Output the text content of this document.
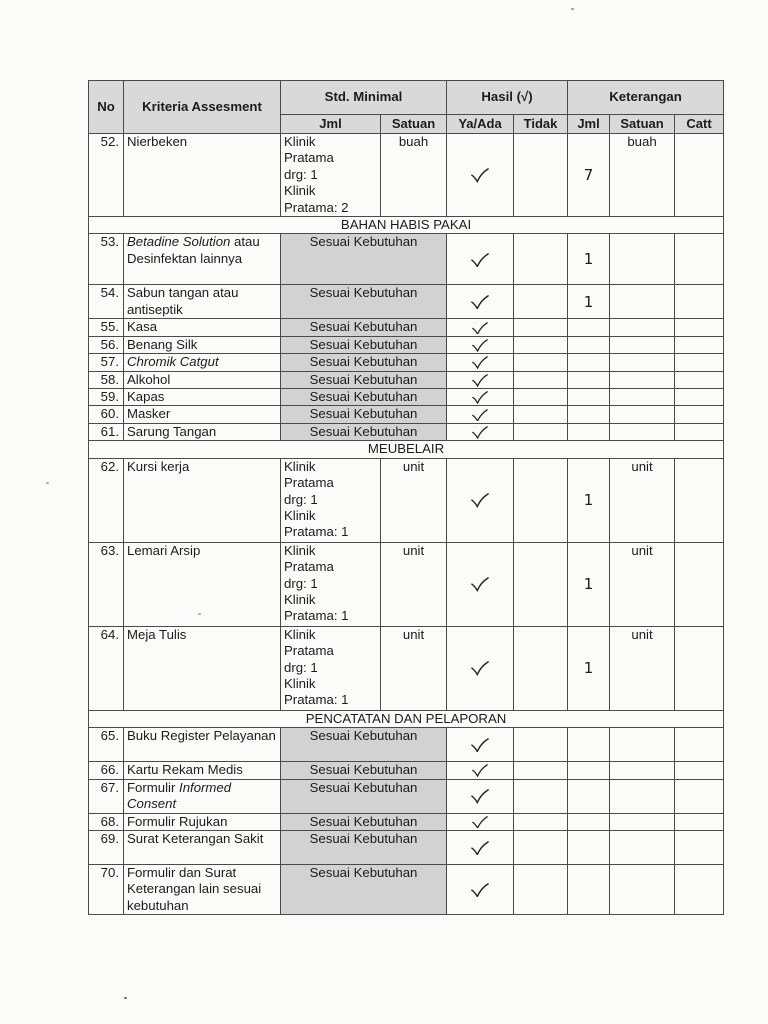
No	Kriteria Assesment	Std. Minimal		Hasil (√)		Keterangan		
		Jml	Satuan	Ya/Ada	Tidak	Jml	Satuan	Catt
52.	Nierbeken	Klinik
Pratama
drg: 1
Klinik
Pratama: 2	buah			7	buah	
BAHAN HABIS PAKAI								
53.	Betadine Solution atau Desinfektan lainnya	Sesuai Kebutuhan				1		
54.	Sabun tangan atau antiseptik	Sesuai Kebutuhan				1		
55.	Kasa	Sesuai Kebutuhan					
56.	Benang Silk	Sesuai Kebutuhan					
57.	Chromik Catgut	Sesuai Kebutuhan					
58.	Alkohol	Sesuai Kebutuhan					
59.	Kapas	Sesuai Kebutuhan					
60.	Masker	Sesuai Kebutuhan					
61.	Sarung Tangan	Sesuai Kebutuhan					
MEUBELAIR								
62.	Kursi kerja	Klinik
Pratama
drg: 1
Klinik
Pratama: 1	unit			1	unit	
63.	Lemari Arsip	Klinik
Pratama
drg: 1
Klinik
Pratama: 1	unit			1	unit	
64.	Meja Tulis	Klinik
Pratama
drg: 1
Klinik
Pratama: 1	unit			1	unit	
PENCATATAN DAN PELAPORAN								
65.	Buku Register Pelayanan	Sesuai Kebutuhan					
66.	Kartu Rekam Medis	Sesuai Kebutuhan					
67.	Formulir Informed Consent	Sesuai Kebutuhan					
68.	Formulir Rujukan	Sesuai Kebutuhan					
69.	Surat Keterangan Sakit	Sesuai Kebutuhan					
70.	Formulir dan Surat Keterangan lain sesuai kebutuhan	Sesuai Kebutuhan					
